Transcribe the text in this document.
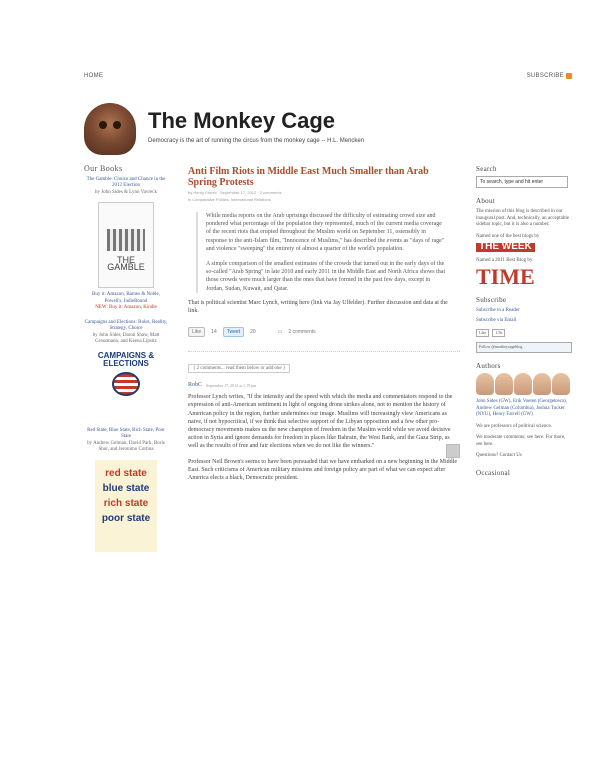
HOME	SUBSCRIBE
The Monkey Cage
Democracy is the art of running the circus from the monkey cage -- H.L. Mencken
Our Books
The Gamble: Choice and Chance in the 2012 Election
by John Sides & Lynn Vavreck
THE GAMBLE
Buy it: Amazon, Barnes & Noble, Powell's, IndieBound
NEW: Buy it: Amazon, Kindle
Campaigns and Elections: Rules, Reality, Strategy, Choice
by John Sides, Daron Shaw, Matt Grossmann, and Keena Lipsitz
CAMPAIGNS & ELECTIONS
Red State, Blue State, Rich State, Poor State
by Andrew Gelman, David Park, Boris Shor, and Jeronimo Cortina
red state
blue state
rich state
poor state
Anti Film Riots in Middle East Much Smaller than Arab Spring Protests
by Henry Farrell · September 17, 2012 · 2 comments
in Comparative Politics, International Relations

While media reports on the Arab uprisings discussed the difficulty of estimating crowd size and pondered what percentage of the population they represented, much of the current media coverage of the recent riots that erupted throughout the Muslim world on September 11, ostensibly in response to the anti-Islam film, "Innocence of Muslims," has described the events as "days of rage" and violence "sweeping" the entirety of almost a quarter of the world's population.

A simple comparison of the smallest estimates of the crowds that turned out in the early days of the so-called "Arab Spring" in late 2010 and early 2011 in the Middle East and North Africa shows that those crowds were much larger than the ones that have formed in the past few days, except in Jordan, Sudan, Kuwait, and Qatar.

That is political scientist Marc Lynch, writing here (link via Jay Ulfelder). Further discussion and data at the link.

Like	14	Tweet	20	▭ 2 comments
{ 2 comments... read them below or add one }
RobC September 17, 2012 at 1:19 pm

Professor Lynch writes, "If the intensity and the speed with which the media and commentators respond to the expression of anti-American sentiment in light of ongoing drone strikes alone, not to mention the history of American policy in the region, further undermines our image. Muslims will increasingly view Americans as naive, if not hypocritical, if we think that selective support of the Libyan opposition and a few other pro-democracy movements makes us the new champion of freedom in the Muslim world while we avoid decisive action in Syria and ignore demands for freedom in places like Bahrain, the West Bank, and the Gaza Strip, as well as the results of free and fair elections when we do not like the winners."

Professor Neil Brown's seems to have been persuaded that we have embarked on a new beginning in the Middle East. Such criticisms of American military missions and foreign policy are part of what we can expect after America elects a black, Democratic president.

Search
To search, type and hit enter
About

The mission of this blog is described in our inaugural post. And, technically, an acceptable sidebar topic, but it is also a number.

Named one of the best blogs by

THE WEEK

Named a 2011 Best Blog by

TIME
Subscribe
Subscribe in a Reader
Subscribe via Email
Like	1.5k
Follow @monkeycageblog
Authors

John Sides (GW), Erik Voeten (Georgetown), Andrew Gelman (Columbia), Joshua Tucker (NYU), Henry Farrell (GW)

We are professors of political science.

We moderate comments; see here. For more, see here.

Questions? Contact Us

Occasional
